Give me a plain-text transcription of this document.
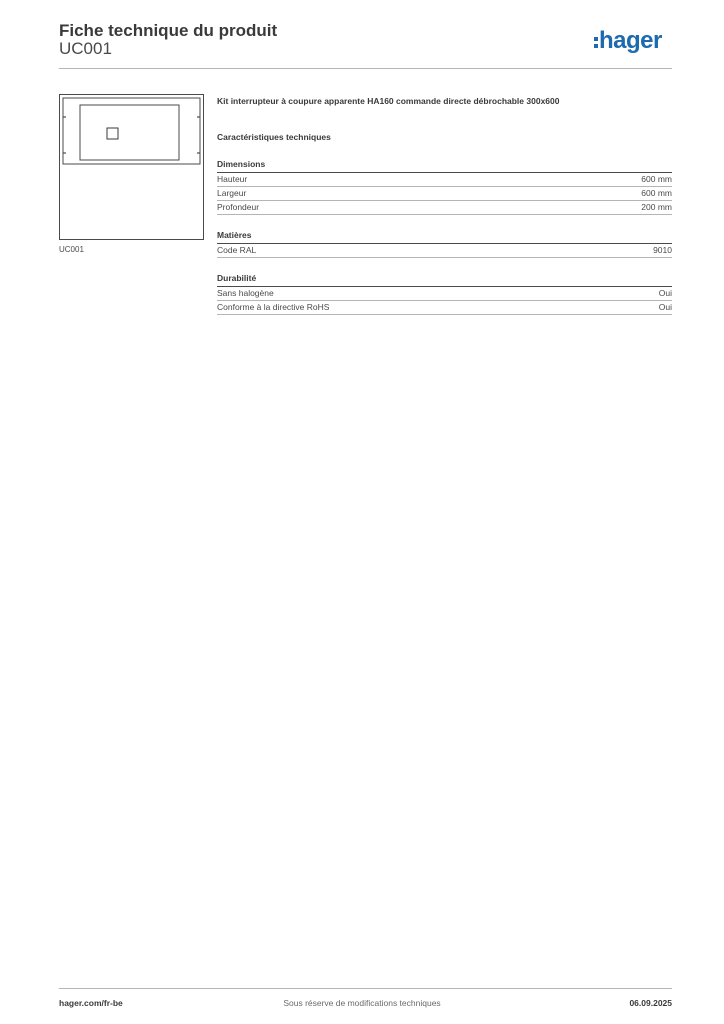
Fiche technique du produit
UC001	hager
UC001
Kit interrupteur à coupure apparente HA160 commande directe débrochable 300x600
Caractéristiques techniques
Dimensions
Hauteur	600 mm
Largeur	600 mm
Profondeur	200 mm
Matières
Code RAL	9010
Durabilité
Sans halogène	Oui
Conforme à la directive RoHS	Oui
hager.com/fr-be	Sous réserve de modifications techniques	06.09.2025
